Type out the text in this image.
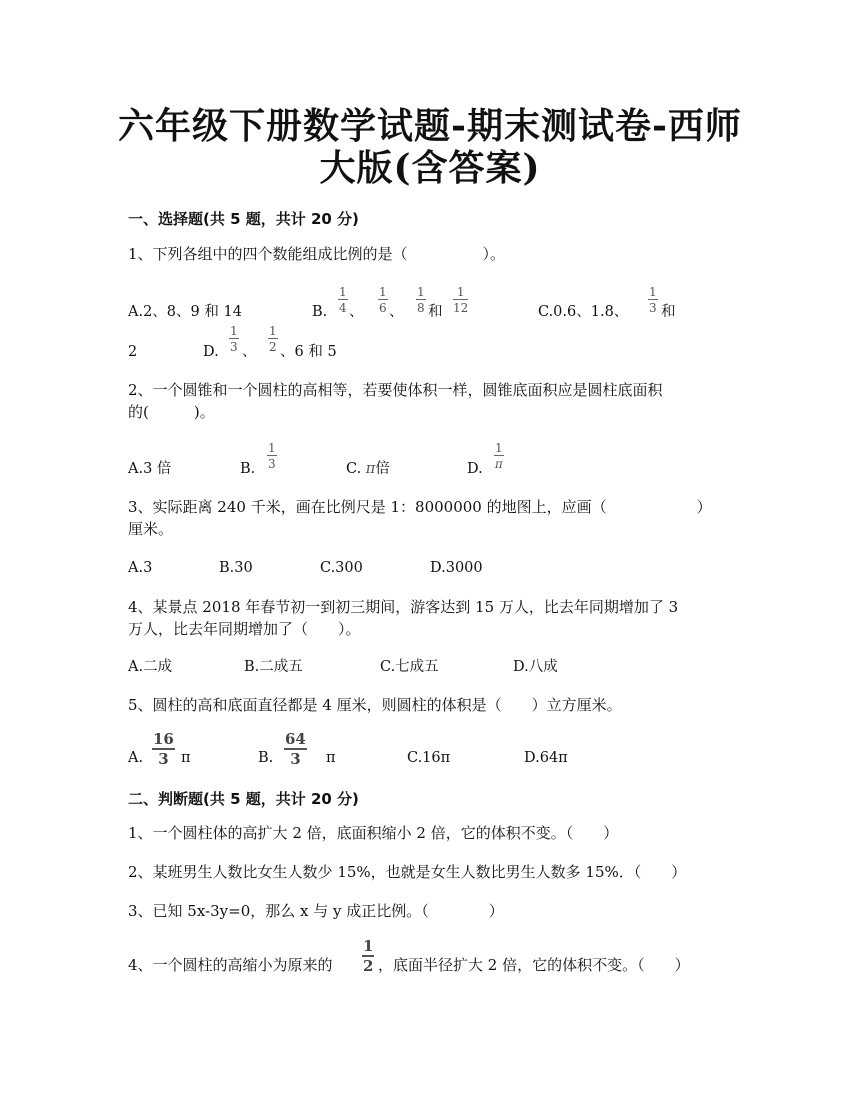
六年级下册数学试题-期末测试卷-西师
大版(含答案)
一、选择题(共 5 题，共计 20 分)
1、下列各组中的四个数能组成比例的是（　　　　　）。
A.2、8、9 和 14	B.
1
4 、
1
6 、
1
8 和
1
12	C.0.6、1.8、
1
3 和
2	D.
1
3 、
1
2 、6 和 5
2、一个圆锥和一个圆柱的高相等，若要使体积一样，圆锥底面积应是圆柱底面积
的(　　　)。
A.3 倍	B.
1
3	C. π倍	D.
1
π
3、实际距离 240 千米，画在比例尺是 1：8000000 的地图上，应画（　　　　　　）
厘米。
A.3	B.30	C.300	D.3000
4、某景点 2018 年春节初一到初三期间，游客达到 15 万人，比去年同期增加了 3
万人，比去年同期增加了（　　）。
A.二成	B.二成五	C.七成五	D.八成
5、圆柱的高和底面直径都是 4 厘米，则圆柱的体积是（　　）立方厘米。
A.
16
3 π	B.
64
3 π	C.16π	D.64π
二、判断题(共 5 题，共计 20 分)
1、一个圆柱体的高扩大 2 倍，底面积缩小 2 倍，它的体积不变。（　　）
2、某班男生人数比女生人数少 15%，也就是女生人数比男生人数多 15%．（　　）
3、已知 5x-3y=0，那么 x 与 y 成正比例。（　　　　）
4、一个圆柱的高缩小为原来的
1
2 ，底面半径扩大 2 倍，它的体积不变。（　　）
